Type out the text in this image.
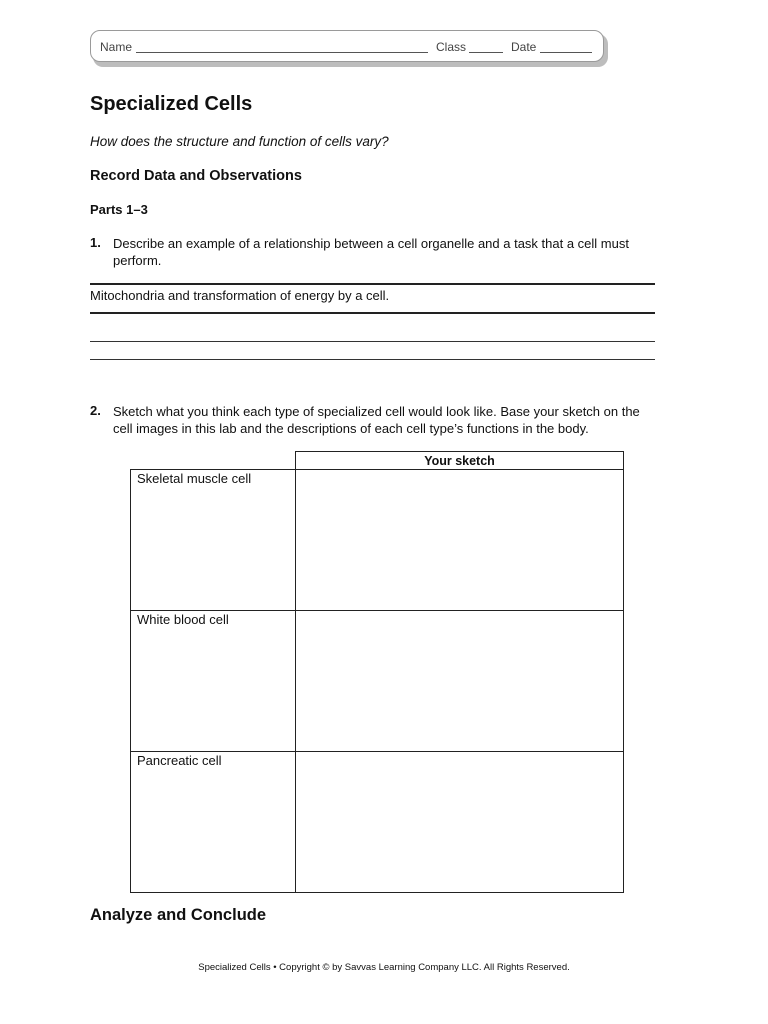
Name	Class	Date
Specialized Cells
How does the structure and function of cells vary?
Record Data and Observations
Parts 1–3
1. Describe an example of a relationship between a cell organelle and a task that a cell must perform.
Mitochondria and transformation of energy by a cell.
2. Sketch what you think each type of specialized cell would look like. Base your sketch on the cell images in this lab and the descriptions of each cell type’s functions in the body.
	Your sketch
Skeletal muscle cell	
White blood cell	
Pancreatic cell	
Analyze and Conclude
Specialized Cells • Copyright © by Savvas Learning Company LLC. All Rights Reserved.
